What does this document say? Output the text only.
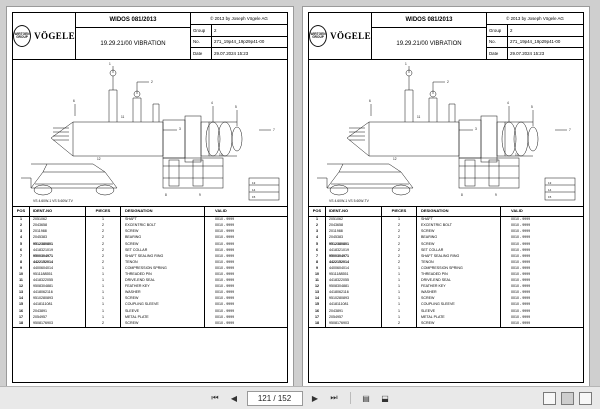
WIRTGEN GROUP VÖGELE
WIDOS 081/2013
19.29.21/00 VIBRATION
© 2013 by Joseph Vögele AG
Group	2
No.	271_19p44_19p29p41-00
Date	29.07.2024 15:23
1
2
3
4
5
6
7
8	9
10
11
12
13
14
15
VS 4.60W-1 VS 5.60W-TV
POS	IDENT-NO	PIECES	DESIGNATION	VALID
1	2051062	1	SHAFT	0010 - 9999
2	2043658	2	EXCENTRIC BOLT	0010 - 9999
3	2011988	2	SCREW	0010 - 9999
4	2045383	2	BEARING	0010 - 9999
5	9512380801	2	SCREW	0010 - 9999
6	4418321019	2	SET COLLAR	0010 - 9999
7	9500304971	2	SHAFT SEALING RING	0010 - 9999
8	4422152014	2	TENON	0010 - 9999
9	4400604014	1	COMPRESSION SPRING	0010 - 9999
10	9511188551	1	THREADED PIN	0010 - 9999
11	4418322055	1	DRIVE-END SEAL	0010 - 9999
12	9508304881	1	FEATHER KEY	0010 - 9999
13	4418062116	1	WASHER	0010 - 9999
14	9510280893	1	SCREW	0010 - 9999
15	4418111081	1	COUPLING SLEEVE	0010 - 9999
16	2043891	1	SLEEVE	0010 - 9999
17	2054957	1	METAL PLATE	0010 - 9999
18	9508176903	2	SCREW	0010 - 9999
WIRTGEN GROUP VÖGELE
WIDOS 081/2013
19.29.21/00 VIBRATION
© 2013 by Joseph Vögele AG
Group	2
No.	271_19p44_19p29p41-00
Date	29.07.2024 15:23
1
2
3
4
5
6
7
8	9
10
11
12
13
14
15
VS 4.60W-1 VS 5.60W-TV
POS	IDENT-NO	PIECES	DESIGNATION	VALID
1	2051062	1	SHAFT	0010 - 9999
2	2043658	2	EXCENTRIC BOLT	0010 - 9999
3	2011988	2	SCREW	0010 - 9999
4	2045383	2	BEARING	0010 - 9999
5	9512380801	2	SCREW	0010 - 9999
6	4418321019	2	SET COLLAR	0010 - 9999
7	9500304971	2	SHAFT SEALING RING	0010 - 9999
8	4422152014	2	TENON	0010 - 9999
9	4400604014	1	COMPRESSION SPRING	0010 - 9999
10	9511188551	1	THREADED PIN	0010 - 9999
11	4418322055	1	DRIVE-END SEAL	0010 - 9999
12	9508304881	1	FEATHER KEY	0010 - 9999
13	4418062116	1	WASHER	0010 - 9999
14	9510280893	1	SCREW	0010 - 9999
15	4418111081	1	COUPLING SLEEVE	0010 - 9999
16	2043891	1	SLEEVE	0010 - 9999
17	2054957	1	METAL PLATE	0010 - 9999
18	9508176903	2	SCREW	0010 - 9999
⏮	◀	121 / 152	▶	⏭	▤	⬓
